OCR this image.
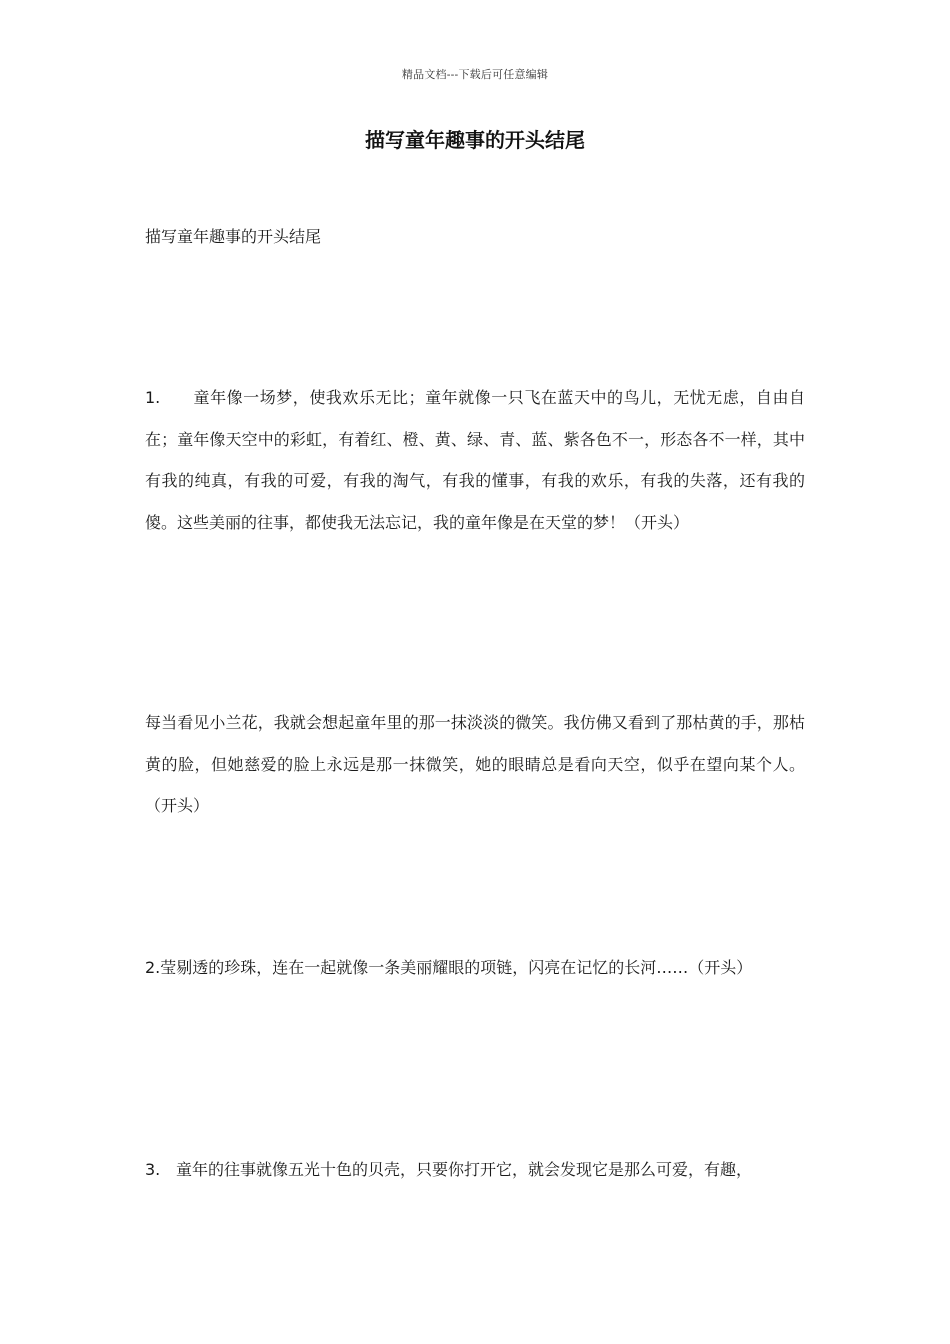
精品文档---下载后可任意编辑
描写童年趣事的开头结尾

描写童年趣事的开头结尾

1. 童年像一场梦，使我欢乐无比；童年就像一只飞在蓝天中的鸟儿，无忧无虑，自由自在；童年像天空中的彩虹，有着红、橙、黄、绿、青、蓝、紫各色不一，形态各不一样，其中有我的纯真，有我的可爱，有我的淘气，有我的懂事，有我的欢乐，有我的失落，还有我的傻。这些美丽的往事，都使我无法忘记，我的童年像是在天堂的梦！（开头）

每当看见小兰花，我就会想起童年里的那一抹淡淡的微笑。我仿佛又看到了那枯黄的手，那枯黄的脸，但她慈爱的脸上永远是那一抹微笑，她的眼睛总是看向天空，似乎在望向某个人。（开头）

2.莹剔透的珍珠，连在一起就像一条美丽耀眼的项链，闪亮在记忆的长河……（开头）

3. 童年的往事就像五光十色的贝壳，只要你打开它，就会发现它是那么可爱，有趣，
